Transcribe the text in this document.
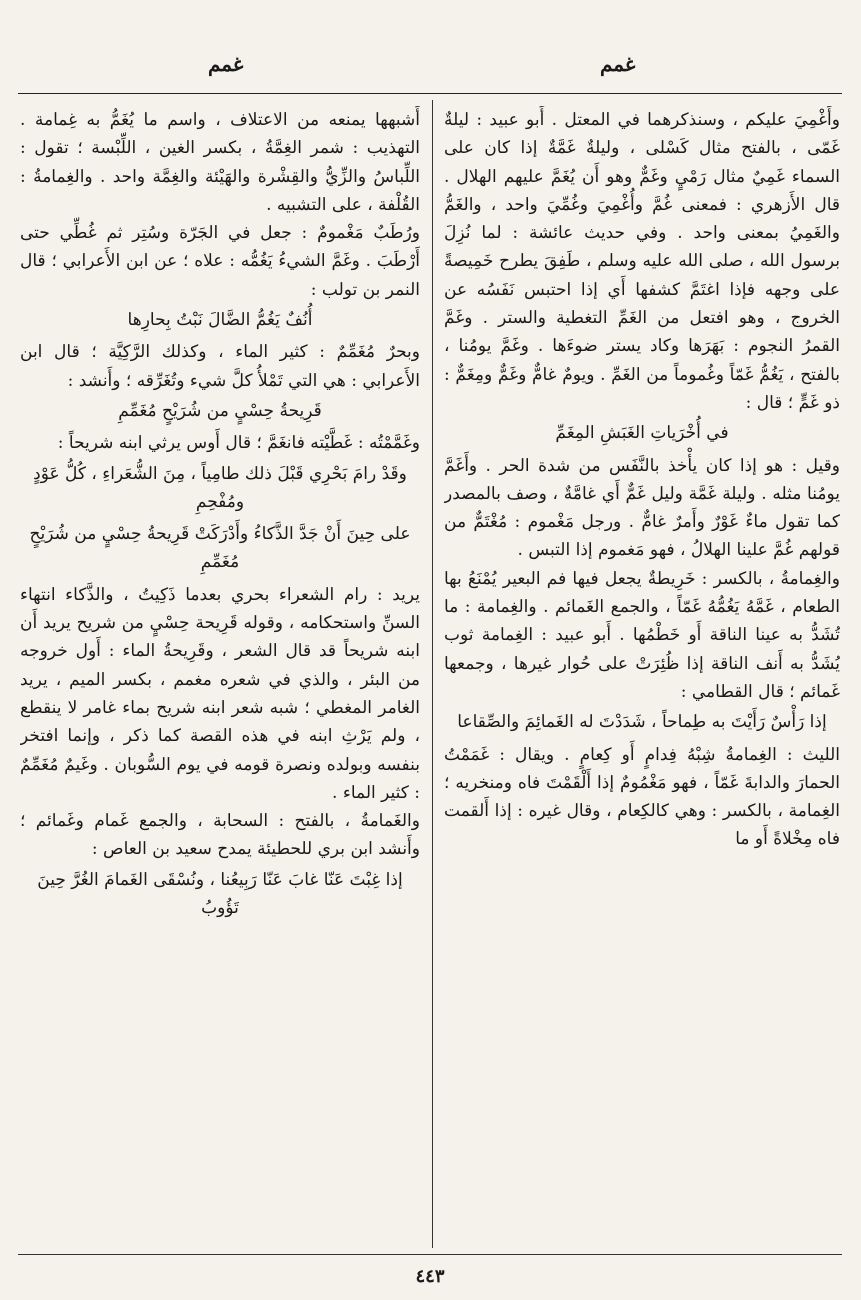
غمم
غمم

وأَغْمِيَ عليكم ، وسنذكرهما في المعتل . أَبو عبيد : ليلةٌ غَمّى ، بالفتح مثال كَسْلى ، وليلةٌ غَمَّةٌ إذا كان على السماء غَمِيٌ مثال رَمْيٍ وغَمٌّ وهو أَن يُغَمَّ عليهم الهلال . قال الأَزهري : فمعنى غُمَّ وأُغْمِيَ وغُمِّيَ واحد ، والغَمُّ والغَمِيُ بمعنى واحد . وفي حديث عائشة : لما نُزِلَ برسول الله ، صلى الله عليه وسلم ، طَفِقَ يطرح خَمِيصةً على وجهه فإذا اغتَمَّ كشفها أَي إذا احتبس نَفَسُه عن الخروج ، وهو افتعل من الغَمِّ التغطية والستر . وغَمَّ القمرُ النجوم : بَهَرَها وكاد يستر ضوءَها . وغَمَّ يومُنا ، بالفتح ، يَغُمُّ غَمّاً وغُموماً من الغَمِّ . ويومٌ غامٌّ وغَمٌّ ومِغَمٌّ : ذو غَمٍّ ؛ قال :

في أُخْرَياتِ الغَبَشِ المِغَمِّ

وقيل : هو إذا كان يأْخذ بالنَّفَس من شدة الحر . وأَغَمَّ يومُنا مثله . وليلة غَمَّة وليل غَمٌّ أَي غامَّةٌ ، وصف بالمصدر كما تقول ماءٌ غَوْرٌ وأَمرٌ غامٌّ . ورجل مَغْموم : مُغْتَمٌّ من قولهم غُمَّ علينا الهلالُ ، فهو مَغموم إذا التبس .

والغِمامةُ ، بالكسر : خَرِيطةٌ يجعل فيها فم البعير يُمْنَعُ بها الطعام ، غَمَّهُ يَغُمُّهُ غَمّاً ، والجمع الغَمائم . والغِمامة : ما تُشَدُّ به عينا الناقة أَو خَطْمُها . أَبو عبيد : الغِمامة ثوب يُشَدُّ به أَنف الناقة إذا ظُئِرَتْ على حُوار غيرها ، وجمعها غَمائم ؛ قال القطامي :

إذا رَأْسٌ رَأَيْتَ به طِماحاً ، شَدَدْتَ له الغَمائِمَ والصِّقاعا

الليث : الغِمامةُ شِبْهُ فِدامٍ أَو كِعامٍ . ويقال : غَمَمْتُ الحمارَ والدابةَ غَمّاً ، فهو مَغْمُومٌ إذا أَلْقَمْتَ فاه ومنخريه ؛ الغِمامة ، بالكسر : وهي كالكِعام ، وقال غيره : إذا أَلقمت فاه مِخْلاةً أَو ما

أَشبهها يمنعه من الاعتلاف ، واسم ما يُغَمُّ به غِمامة . التهذيب : شمر الغِمَّةُ ، بكسر الغين ، اللِّبْسة ؛ تقول : اللِّباسُ والزِّيُّ والقِشْرة والهَيْئة والغِمَّة واحد . والغِمامةُ : القُلْفة ، على التشبيه .

ورُطَبٌ مَغْمومٌ : جعل في الجَرّة وسُتِر ثم غُطِّي حتى أَرْطَبَ . وغَمَّ الشيءُ يَغُمُّه : علاه ؛ عن ابن الأَعرابي ؛ قال النمر بن تولب :

أُنُفٌ يَغُمُّ الضَّالَ نَبْتُ بِحارِها

وبحرٌ مُغَمِّمٌ : كثير الماء ، وكذلك الرَّكِيَّة ؛ قال ابن الأَعرابي : هي التي تَمْلأُ كلَّ شيء وتُغَرِّقه ؛ وأَنشد :

قَرِيحةُ حِسْيٍ من شُرَيْحٍ مُغَمِّمِ

وغَمَّمْتُه : غَطَّيْته فانغَمَّ ؛ قال أَوس يرثي ابنه شريحاً :

وقَدْ رامَ بَحْرِي قَبْلَ ذلك طامِياً ، مِنَ الشُّعَراءِ ، كُلُّ عَوْدٍ ومُفْحِمِ

على حِينَ أَنْ جَدَّ الذَّكاءُ وأَدْرَكَتْ قَرِيحةُ حِسْيٍ من شُرَيْحٍ مُغَمِّمِ

يريد : رام الشعراء بحري بعدما ذَكِيتُ ، والذَّكاء انتهاء السنِّ واستحكامه ، وقوله قَرِيحة حِسْيٍ من شريح يريد أَن ابنه شريحاً قد قال الشعر ، وقَرِيحةُ الماء : أَول خروجه من البئر ، والذي في شعره مغمم ، بكسر الميم ، يريد الغامر المغطي ؛ شبه شعر ابنه شريح بماء غامر لا ينقطع ، ولم يَرْثِ ابنه في هذه القصة كما ذكر ، وإنما افتخر بنفسه وبولده ونصرة قومه في يوم السُّوبان . وغَيمٌ مُغَمِّمٌ : كثير الماء .

والغَمامةُ ، بالفتح : السحابة ، والجمع غَمام وغَمائم ؛ وأَنشد ابن بري للحطيئة يمدح سعيد بن العاص :

إذا غِبْتَ عَنّا غابَ عَنّا رَبِيعُنا ، ونُسْقَى الغَمامَ الغُرَّ حِينَ تَؤُوبُ

٤٤٣
